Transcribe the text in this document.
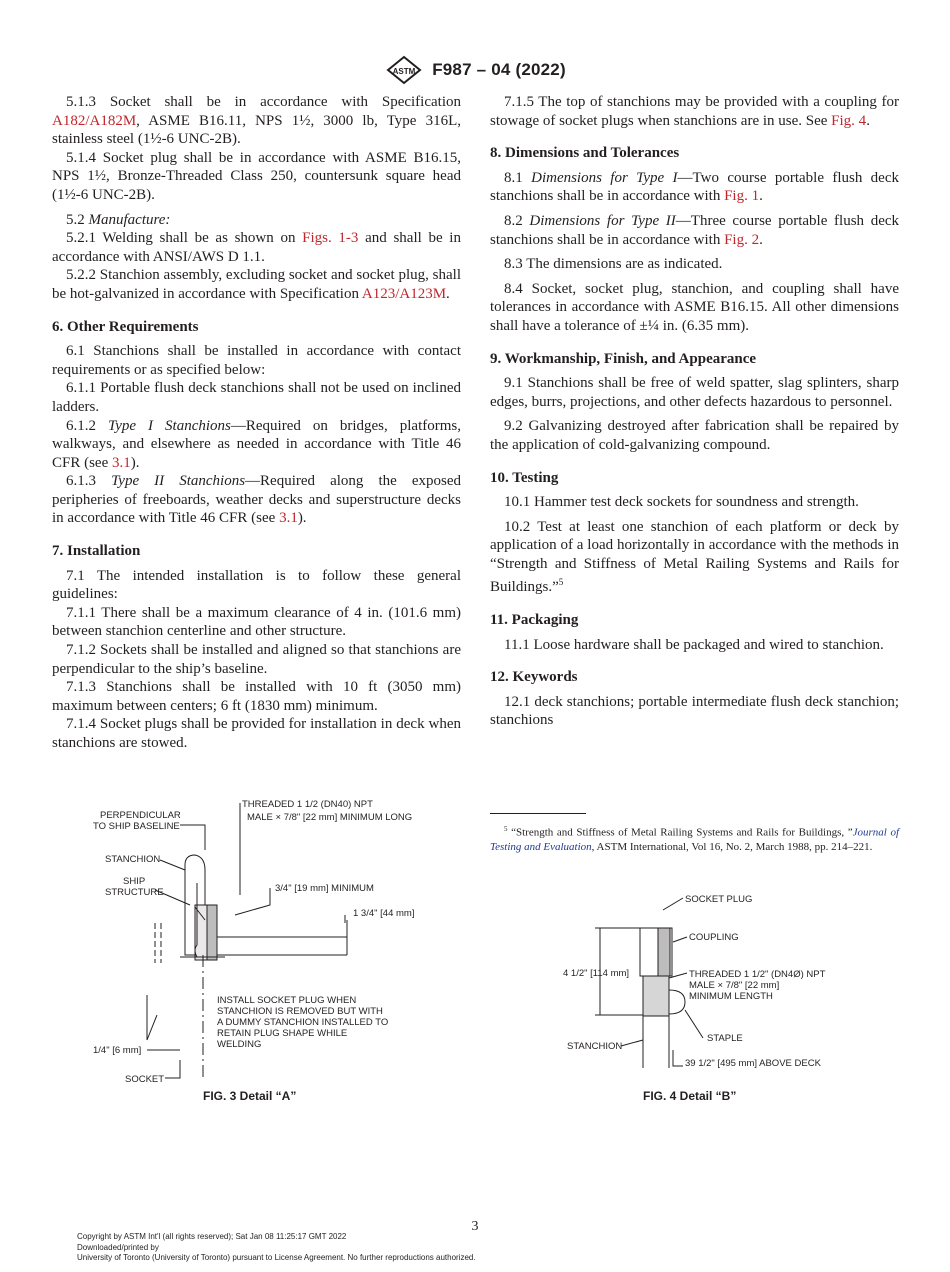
ASTM F987 – 04 (2022)

5.1.3 Socket shall be in accordance with Specification A182/A182M, ASME B16.11, NPS 1½, 3000 lb, Type 316L, stainless steel (1½-6 UNC-2B).

5.1.4 Socket plug shall be in accordance with ASME B16.15, NPS 1½, Bronze-Threaded Class 250, countersunk square head (1½-6 UNC-2B).

5.2 Manufacture:

5.2.1 Welding shall be as shown on Figs. 1-3 and shall be in accordance with ANSI/AWS D 1.1.

5.2.2 Stanchion assembly, excluding socket and socket plug, shall be hot-galvanized in accordance with Specification A123/A123M.

6. Other Requirements

6.1 Stanchions shall be installed in accordance with contact requirements or as specified below:

6.1.1 Portable flush deck stanchions shall not be used on inclined ladders.

6.1.2 Type I Stanchions—Required on bridges, platforms, walkways, and elsewhere as needed in accordance with Title 46 CFR (see 3.1).

6.1.3 Type II Stanchions—Required along the exposed peripheries of freeboards, weather decks and superstructure decks in accordance with Title 46 CFR (see 3.1).

7. Installation

7.1 The intended installation is to follow these general guidelines:

7.1.1 There shall be a maximum clearance of 4 in. (101.6 mm) between stanchion centerline and other structure.

7.1.2 Sockets shall be installed and aligned so that stanchions are perpendicular to the ship’s baseline.

7.1.3 Stanchions shall be installed with 10 ft (3050 mm) maximum between centers; 6 ft (1830 mm) minimum.

7.1.4 Socket plugs shall be provided for installation in deck when stanchions are stowed.

7.1.5 The top of stanchions may be provided with a coupling for stowage of socket plugs when stanchions are in use. See Fig. 4.

8. Dimensions and Tolerances

8.1 Dimensions for Type I—Two course portable flush deck stanchions shall be in accordance with Fig. 1.

8.2 Dimensions for Type II—Three course portable flush deck stanchions shall be in accordance with Fig. 2.

8.3 The dimensions are as indicated.

8.4 Socket, socket plug, stanchion, and coupling shall have tolerances in accordance with ASME B16.15. All other dimensions shall have a tolerance of ±¼ in. (6.35 mm).

9. Workmanship, Finish, and Appearance

9.1 Stanchions shall be free of weld spatter, slag splinters, sharp edges, burrs, projections, and other defects hazardous to personnel.

9.2 Galvanizing destroyed after fabrication shall be repaired by the application of cold-galvanizing compound.

10. Testing

10.1 Hammer test deck sockets for soundness and strength.

10.2 Test at least one stanchion of each platform or deck by application of a load horizontally in accordance with the methods in “Strength and Stiffness of Metal Railing Systems and Rails for Buildings.”$^5$

11. Packaging

11.1 Loose hardware shall be packaged and wired to stanchion.

12. Keywords

12.1 deck stanchions; portable intermediate flush deck stanchion; stanchions

$^5$ “Strength and Stiffness of Metal Railing Systems and Rails for Buildings, ”Journal of Testing and Evaluation, ASTM International, Vol 16, No. 2, March 1988, pp. 214–221.
PERPENDICULAR
TO SHIP BASELINE
THREADED 1 1/2 (DN40) NPT
MALE × 7/8" [22 mm] MINIMUM LONG
STANCHION
SHIP
STRUCTURE	3/4" [19 mm] MINIMUM
1 3/4" [44 mm]
INSTALL SOCKET PLUG WHEN
STANCHION IS REMOVED BUT WITH
A DUMMY STANCHION INSTALLED TO
RETAIN PLUG SHAPE WHILE
WELDING
1/4" [6 mm]
SOCKET
FIG. 3 Detail “A”
SOCKET PLUG
COUPLING
4 1/2" [114 mm]	THREADED 1 1/2" (DN4Ø) NPT
MALE × 7/8" [22 mm]
MINIMUM LENGTH
STAPLE
STANCHION
39 1/2" [495 mm] ABOVE DECK
FIG. 4 Detail “B”
3
Copyright by ASTM Int'l (all rights reserved); Sat Jan 08 11:25:17 GMT 2022
Downloaded/printed by
University of Toronto (University of Toronto) pursuant to License Agreement. No further reproductions authorized.
